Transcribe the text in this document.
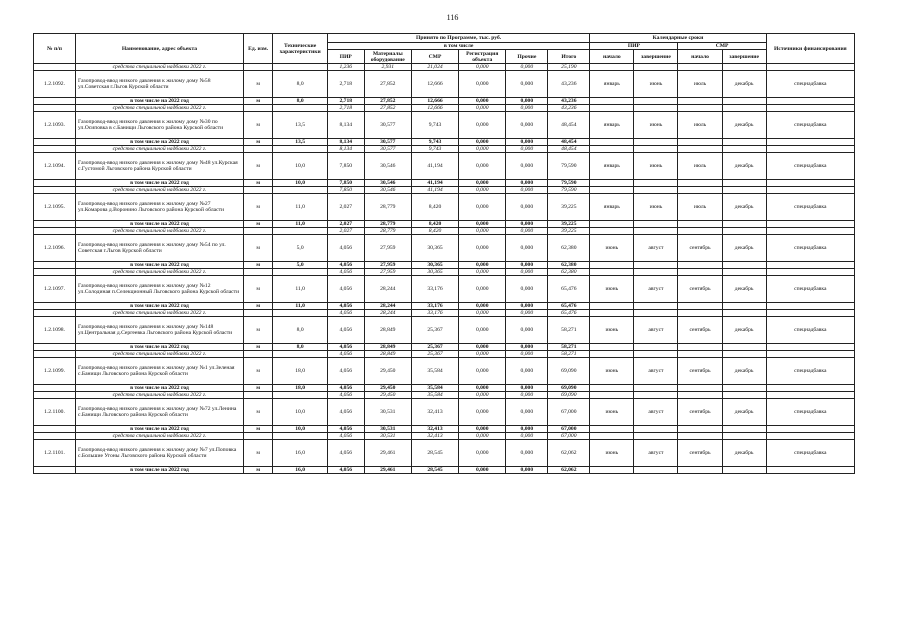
116
№ п/п	Наименование, адрес объекта	Ед. изм.	Технические характеристики	Принято по Программе, тыс. руб.						Календарные сроки				Источники финансирования
				в том числе						ПИР		СМР		
				ПИР	Материалы оборудование	СМР	Регистрация объекта	Прочие	Итого	начало	завершение	начало	завершение	
	средства специальной надбавки 2022 г.			1,236	2,931	21,024	0,000	0,000	25,190					
1.2.1092.	Газопровод-ввод низкого давления к жилому дому №58 ул.Советская г.Льгов Курской области	м	8,0	2,718	27,852	12,666	0,000	0,000	43,236	январь	июнь	июль	декабрь	спецнадбавка
	в том числе на 2022 год	м	8,0	2,718	27,852	12,666	0,000	0,000	43,236					
	средства специальной надбавки 2022 г.			2,718	27,852	12,666	0,000	0,000	43,236					
1.2.1093.	Газопровод-ввод низкого давления к жилому дому №30 по ул.Осиповка в с.Банищи Льговского района Курской области	м	13,5	8,134	30,577	9,743	0,000	0,000	48,454	январь	июнь	июль	декабрь	спецнадбавка
	в том числе на 2022 год	м	13,5	8,134	30,577	9,743	0,000	0,000	48,454					
	средства специальной надбавки 2022 г.			8,134	30,577	9,743	0,000	0,000	48,454					
1.2.1094.	Газопровод-ввод низкого давления к жилому дому №48 ул.Курская с.Густомой Льговского района Курской области	м	10,0	7,850	30,546	41,194	0,000	0,000	79,590	январь	июнь	июль	декабрь	спецнадбавка
	в том числе на 2022 год	м	10,0	7,850	30,546	41,194	0,000	0,000	79,590					
	средства специальной надбавки 2022 г.			7,850	30,546	41,194	0,000	0,000	79,590					
1.2.1095.	Газопровод-ввод низкого давления к жилому дому №27 ул.Комарова д.Воронино Льговского района Курской области	м	11,0	2,027	28,779	8,420	0,000	0,000	39,225	январь	июнь	июль	декабрь	спецнадбавка
	в том числе на 2022 год	м	11,0	2,027	28,779	8,420	0,000	0,000	39,225					
	средства специальной надбавки 2022 г.			2,027	28,779	8,420	0,000	0,000	39,225					
1.2.1096.	Газопровод-ввод низкого давления к жилому дому №54 по ул. Советская г.Льгов Курской области	м	5,0	4,056	27,959	30,365	0,000	0,000	62,380	июнь	август	сентябрь	декабрь	спецнадбавка
	в том числе на 2022 год	м	5,0	4,056	27,959	30,365	0,000	0,000	62,380					
	средства специальной надбавки 2022 г.			4,056	27,959	30,365	0,000	0,000	62,380					
1.2.1097.	Газопровод-ввод низкого давления к жилому дому №12 ул.Солодиная п.Селекционный Льговского района Курской области	м	11,0	4,056	28,244	33,176	0,000	0,000	65,476	июнь	август	сентябрь	декабрь	спецнадбавка
	в том числе на 2022 год	м	11,0	4,056	28,244	33,176	0,000	0,000	65,476					
	средства специальной надбавки 2022 г.			4,056	28,244	33,176	0,000	0,000	65,476					
1.2.1098.	Газопровод-ввод низкого давления к жилому дому №148 ул.Центральная д.Сергеевка Льговского района Курской области	м	8,0	4,056	28,849	25,367	0,000	0,000	58,271	июнь	август	сентябрь	декабрь	спецнадбавка
	в том числе на 2022 год	м	8,0	4,056	28,849	25,367	0,000	0,000	58,271					
	средства специальной надбавки 2022 г.			4,056	28,849	25,367	0,000	0,000	58,271					
1.2.1099.	Газопровод-ввод низкого давления к жилому дому №1 ул.Зеленая с.Банищи Льговского района Курской области	м	18,0	4,056	29,450	35,584	0,000	0,000	69,090	июнь	август	сентябрь	декабрь	спецнадбавка
	в том числе на 2022 год	м	18,0	4,056	29,450	35,584	0,000	0,000	69,090					
	средства специальной надбавки 2022 г.			4,056	29,450	35,584	0,000	0,000	69,090					
1.2.1100.	Газопровод-ввод низкого давления к жилому дому №72 ул.Ленина с.Банищи Льговского района Курской области	м	10,0	4,056	30,531	32,413	0,000	0,000	67,000	июнь	август	сентябрь	декабрь	спецнадбавка
	в том числе на 2022 год	м	10,0	4,056	30,531	32,413	0,000	0,000	67,000					
	средства специальной надбавки 2022 г.			4,056	30,531	32,413	0,000	0,000	67,000					
1.2.1101.	Газопровод-ввод низкого давления к жилому дому №7 ул.Поповка с.Большие Угоны Льговского района Курской области	м	16,0	4,056	29,461	28,545	0,000	0,000	62,062	июнь	август	сентябрь	декабрь	спецнадбавка
	в том числе на 2022 год	м	16,0	4,056	29,461	28,545	0,000	0,000	62,062					
